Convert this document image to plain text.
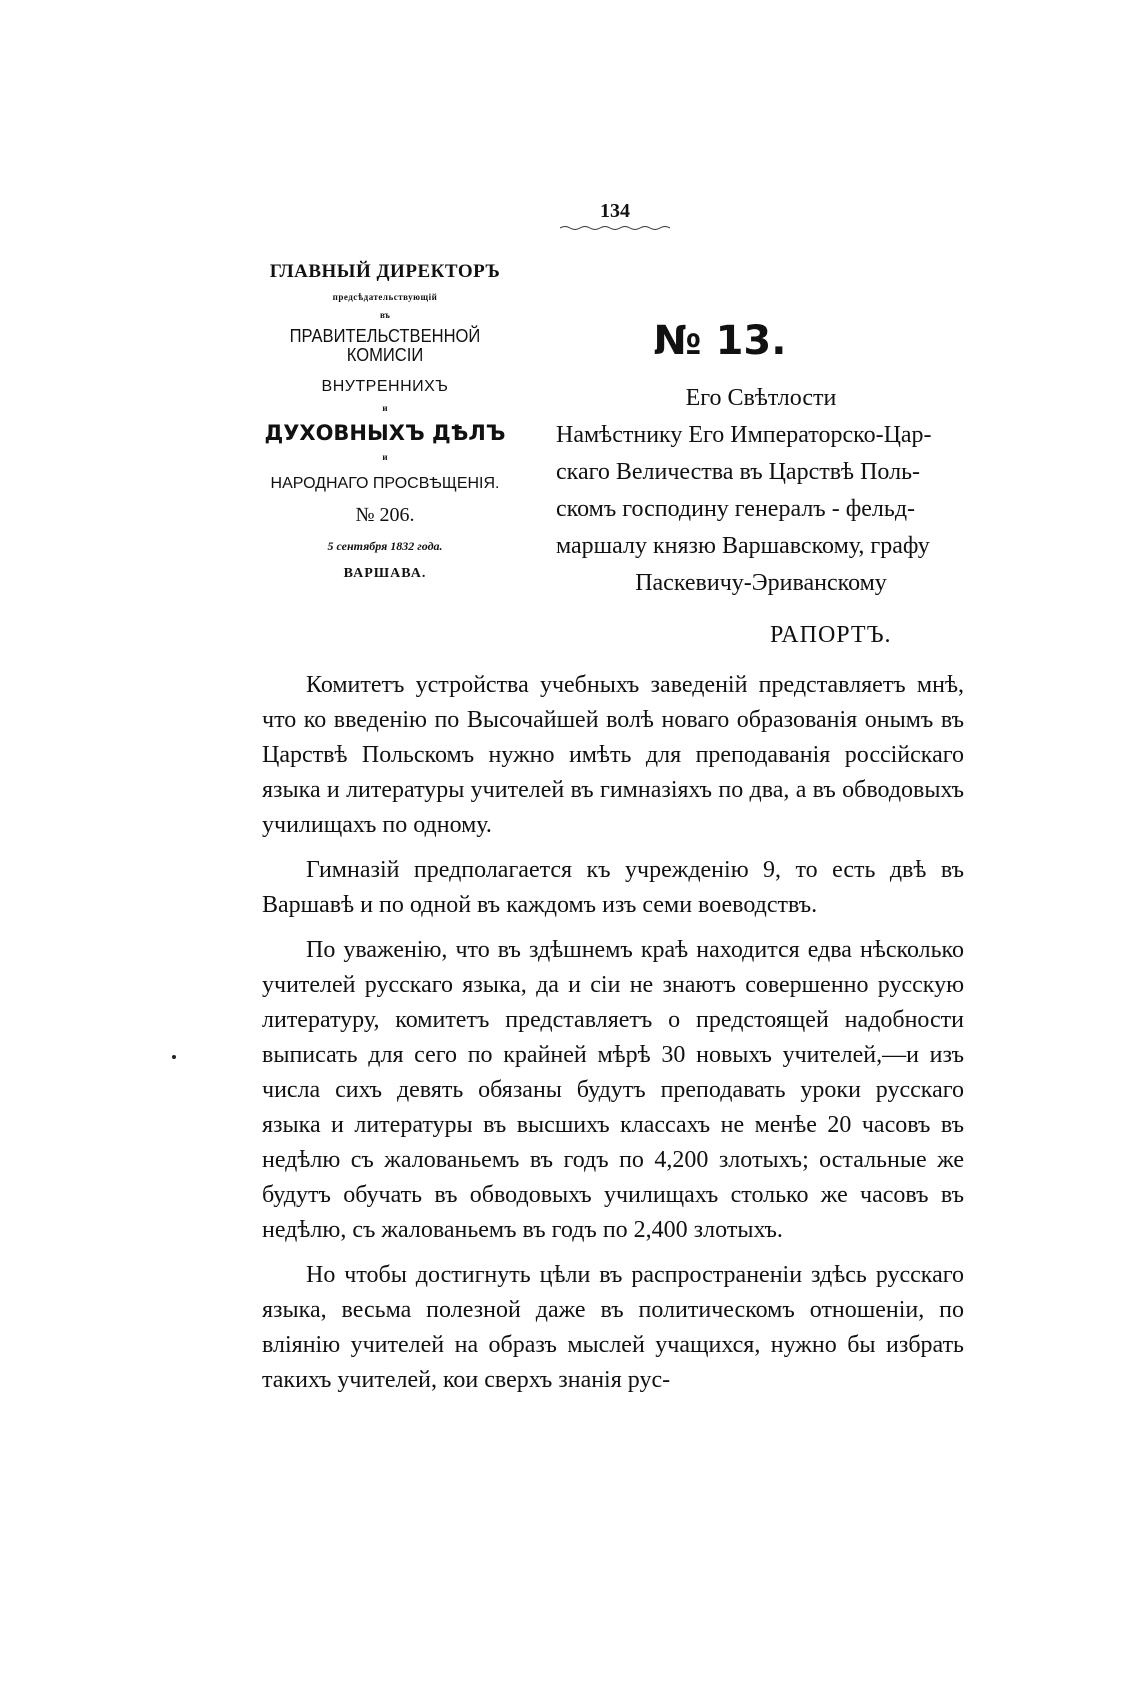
134
ГЛАВНЫЙ ДИРЕКТОРЪ
предсѣдательствующій
въ
ПРАВИТЕЛЬСТВЕННОЙ КОМИСІИ
ВНУТРЕННИХЪ
и
ДУХОВНЫХЪ ДѢЛЪ
и
НАРОДНАГО ПРОСВѢЩЕНІЯ.
№ 206.
5 сентября 1832 года.
ВАРШАВА.
№ 13.
Его Свѣтлости
Намѣстнику Его Императорско-Цар-
скаго Величества въ Царствѣ Поль-
скомъ господину генералъ - фельд-
маршалу князю Варшавскому, графу
Паскевичу-Эриванскому
РАПОРТЪ.

Комитетъ устройства учебныхъ заведеній представляетъ мнѣ, что ко введенію по Высочайшей волѣ новаго образованія онымъ въ Царствѣ Польскомъ нужно имѣть для преподаванія россійскаго языка и литературы учителей въ гимназіяхъ по два, а въ обводовыхъ училищахъ по одному.

Гимназій предполагается къ учрежденію 9, то есть двѣ въ Варшавѣ и по одной въ каждомъ изъ семи воеводствъ.

По уваженію, что въ здѣшнемъ краѣ находится едва нѣсколько учителей русскаго языка, да и сіи не знаютъ совершенно русскую литературу, комитетъ представляетъ о предстоящей надобности выписать для сего по крайней мѣрѣ 30 новыхъ учителей,—и изъ числа сихъ девять обязаны будутъ преподавать уроки русскаго языка и литературы въ высшихъ классахъ не менѣе 20 часовъ въ недѣлю съ жалованьемъ въ годъ по 4,200 злотыхъ; остальные же будутъ обучать въ обводовыхъ училищахъ столько же часовъ въ недѣлю, съ жалованьемъ въ годъ по 2,400 злотыхъ.

Но чтобы достигнуть цѣли въ распространеніи здѣсь русскаго языка, весьма полезной даже въ политическомъ отношеніи, по вліянію учителей на образъ мыслей учащихся, нужно бы избрать такихъ учителей, кои сверхъ знанія рус-
